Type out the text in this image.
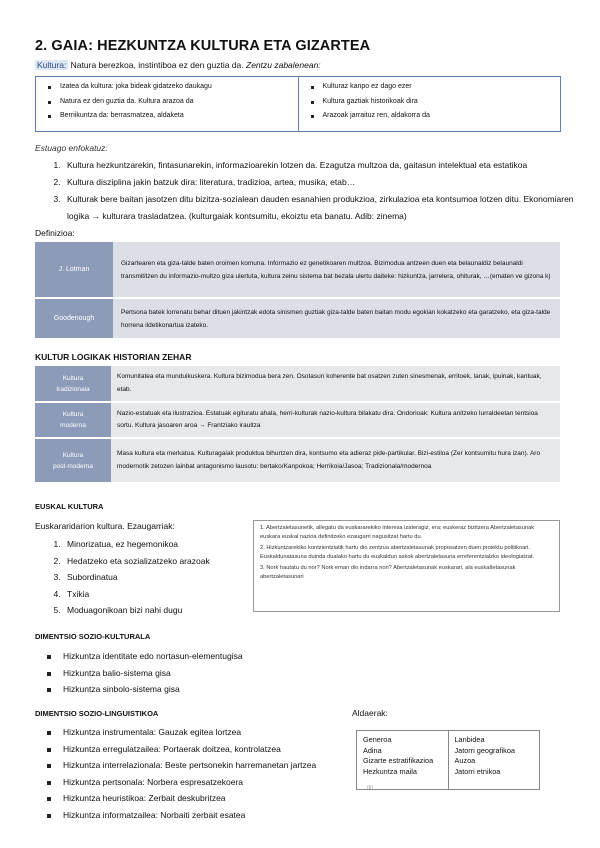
2. GAIA: HEZKUNTZA KULTURA ETA GIZARTEA
Kultura: Natura berezkoa, instintiboa ez den guztia da. Zentzu zabalenean:
Izatea da kultura: joka bideak gidatzeko daukagu
Natura ez den guztia da. Kultura arazoa da
Berriikuntza da: berrasmatzea, aldaketa
Kulturaz kanpo ez dago ezer
Kultura gaztiak historikoak dira
Arazoak jarraituz ren, aldakorra da
Estuago enfokatuz:
1. Kultura hezkuntzarekin, fintasunarekin, informazioarekin lotzen da. Ezagutza multzoa da, gaitasun intelektual eta estatikoa
2. Kultura disziplina jakin batzuk dira: literatura, tradizioa, artea, musika, etab…
3. Kulturak bere baitan jasotzen ditu bizitza-sozialean dauden esanahien produkzioa, zirkulazioa eta kontsumoa lotzen ditu. Ekonomiaren logika → kulturara trasladatzea. (kulturgaiak kontsumitu, ekoiztu eta banatu. Adib: zinema)
Definizioa:
J. Lotman	Gizartearen eta giza-talde baten oroimen komuna. Informazio ez genetikoaren multzoa. Bizimodua antzeen duen eta belaunaldiz belaunaldi transmititzen du informazio-multzo giza ulertuta, kultura zeinu sistema bat bezala ulertu daiteke: hizkuntza, jarrelera, ohiturak, …(ematen ve gizona k)
Goodenough	Pertsona batek lorrenatu behar dituen jakintzak edota sinismen guztiak giza-talde baten baitan modu egokian kokatzeko eta garatzeko, eta giza-talde horrena ildetikonartua izateko.
KULTUR LOGIKAK HISTORIAN ZEHAR
Kultura
tradizionala	Komunitatea eta munduikuskera. Kultura bizimodua bera zen. Osotasun koherente bat osatzen zuten sinesmenak, erritoek, lanak, ipuinak, kantuak, etab.

Kultura
moderna	Nazio-estatuak eta ilustrazioa. Estatuak egituratu ahala, herri-kulturak nazio-kultura bilakatu dira. Ondorioak: Kultura anitzeko lurraldeetan tentsioa sortu. Kultura jasoaren aroa → Frantziako iraultza

Kultura
post-moderna	Masa kultura eta merkatua. Kulturagaiak produktua bihurtzen dira, kontsumo eta adieraz pide-partikular. Bizi-estiloa (Zer kontsumitu hura izan). Aro modernotik zetozen lainbat antagonismo lausotu: bertako/Kanpokoa; Herrikoia/Jasoa; Tradizionala/modernoa
EUSKAL KULTURA
Euskararidarion kultura. Ezaugarriak:
1. Minorizatua, ez hegemonikoa
2. Hedatzeko eta sozializatzeko arazoak
3. Subordinatua
4. Txikia
5. Moduagonikoan bizi nahi dugu

1. Abertzaletasunetik, allegatu da euskararekiko interesa izateragiz, era; euskeraz bizitzera Abertzaletasunak euskara euskal nazioa definitzeko ezaugarri nagusitzat hartu du.

2. Hizkuntzarekiko kontzientziatik hartu dio zentzua abertzaletasunak proposatzen duen proiektu politikoari. Euskaldunatasuna duinda dualako hartu du euskaldun askok abertzaletasuna erreferentzialzko ideologiatzat.

3. Nork hautatu du nor? Nork eman dio indarra nori? Abertzaletasunak euskarari, ala euskaltetasunak abertzaletasunari

DIMENTSIO SOZIO-KULTURALA
Hizkuntza identitate edo nortasun-elementugisa
Hizkuntza balio-sistema gisa
Hizkuntza sinbolo-sistema gisa
DIMENTSIO SOZIO-LINGUISTIKOA
Hizkuntza instrumentala: Gauzak egitea lortzea
Hizkuntza erregulatzailea: Portaerak doitzea, kontrolatzea
Hizkuntza interrelazionala: Beste pertsonekin harremanetan jartzea
Hizkuntza pertsonala: Norbera espresatzekoera
Hizkuntza heuristikoa: Zerbait deskubritzea
Hizkuntza informatzailea: Norbaiti zerbait esatea
Aldaerak:
Generoa
Adina
Gizarte estratifikazioa
Hezkuntza maila
Lanbidea
Jatorri geografikoa
Auzoa
Jatorri etnikoa
(b)
